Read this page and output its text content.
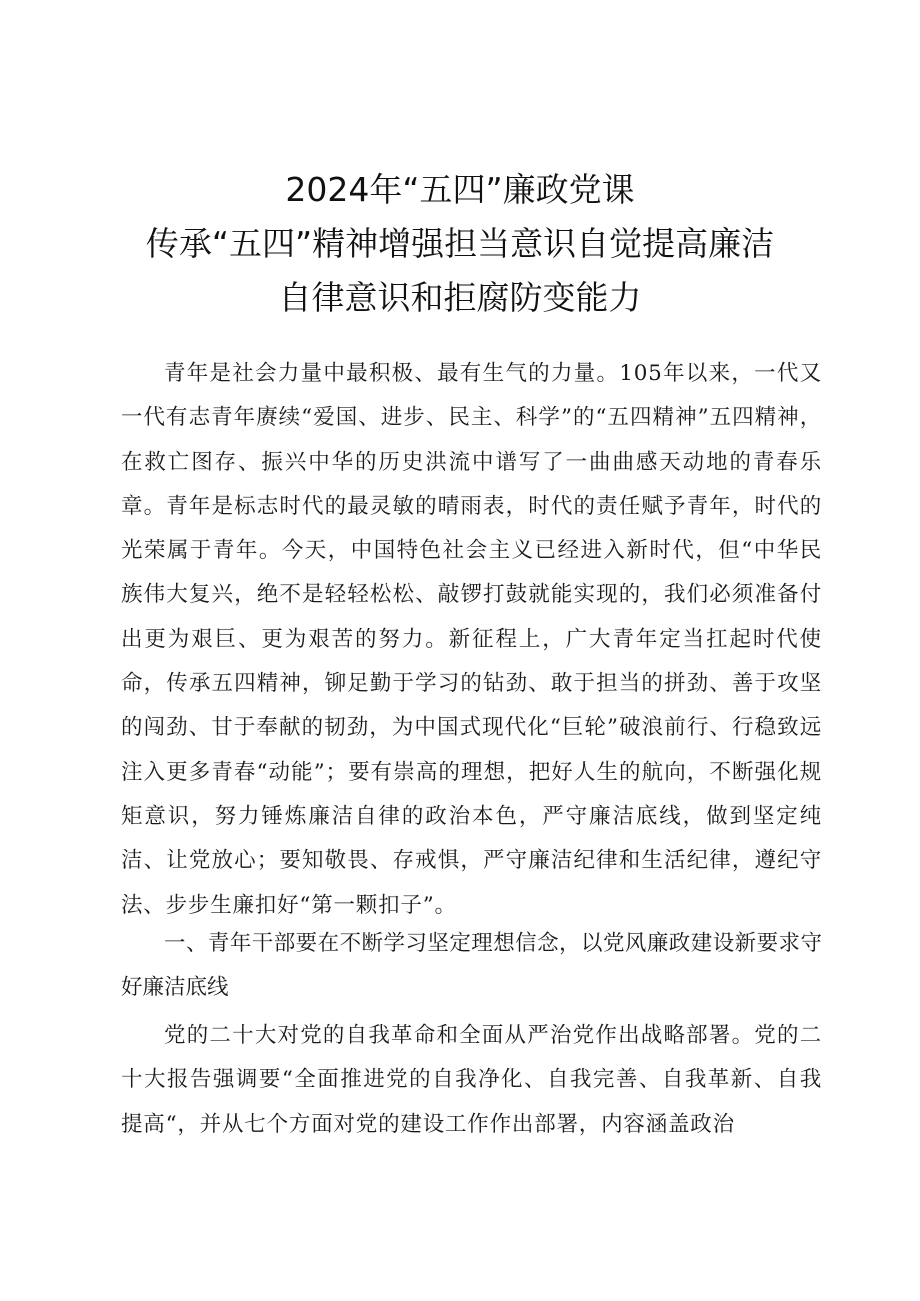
2024年“五四”廉政党课
传承“五四”精神增强担当意识自觉提高廉洁
自律意识和拒腐防变能力

青年是社会力量中最积极、最有生气的力量。105年以来，一代又一代有志青年赓续“爱国、进步、民主、科学”的“五四精神”五四精神，在救亡图存、振兴中华的历史洪流中谱写了一曲曲感天动地的青春乐章。青年是标志时代的最灵敏的晴雨表，时代的责任赋予青年，时代的光荣属于青年。今天，中国特色社会主义已经进入新时代，但“中华民族伟大复兴，绝不是轻轻松松、敲锣打鼓就能实现的，我们必须准备付出更为艰巨、更为艰苦的努力。新征程上，广大青年定当扛起时代使命，传承五四精神，铆足勤于学习的钻劲、敢于担当的拼劲、善于攻坚的闯劲、甘于奉献的韧劲，为中国式现代化“巨轮”破浪前行、行稳致远注入更多青春“动能”；要有崇高的理想，把好人生的航向，不断强化规矩意识，努力锤炼廉洁自律的政治本色，严守廉洁底线，做到坚定纯洁、让党放心；要知敬畏、存戒惧，严守廉洁纪律和生活纪律，遵纪守法、步步生廉扣好“第一颗扣子”。

一、青年干部要在不断学习坚定理想信念，以党风廉政建设新要求守好廉洁底线

党的二十大对党的自我革命和全面从严治党作出战略部署。党的二十大报告强调要“全面推进党的自我净化、自我完善、自我革新、自我提高“，并从七个方面对党的建设工作作出部署，内容涵盖政治
